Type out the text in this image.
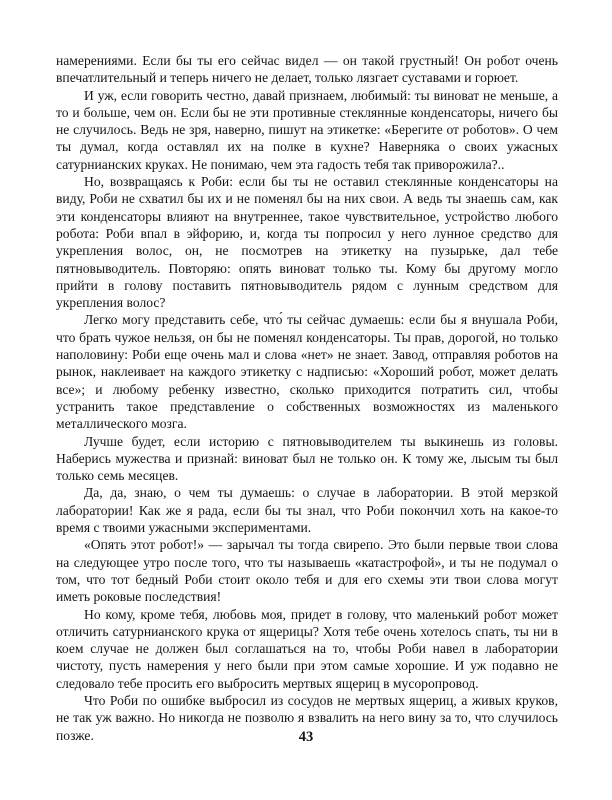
намерениями. Если бы ты его сейчас видел — он такой грустный! Он робот очень впечатлительный и теперь ничего не делает, только лязгает суставами и горюет.

И уж, если говорить честно, давай признаем, любимый: ты виноват не меньше, а то и больше, чем он. Если бы не эти противные стеклянные конденсаторы, ничего бы не случилось. Ведь не зря, наверно, пишут на этикетке: «Берегите от роботов». О чем ты думал, когда оставлял их на полке в кухне? Наверняка о своих ужасных сатурнианских круках. Не понимаю, чем эта гадость тебя так приворожила?..

Но, возвращаясь к Роби: если бы ты не оставил стеклянные конденсаторы на виду, Роби не схватил бы их и не поменял бы на них свои. А ведь ты знаешь сам, как эти конденсаторы влияют на внутреннее, такое чувствительное, устройство любого робота: Роби впал в эйфорию, и, когда ты попросил у него лунное средство для укрепления волос, он, не посмотрев на этикетку на пузырьке, дал тебе пятновыводитель. Повторяю: опять виноват только ты. Кому бы другому могло прийти в голову поставить пятновыводитель рядом с лунным средством для укрепления волос?

Легко могу представить себе, что́ ты сейчас думаешь: если бы я внушала Роби, что брать чужое нельзя, он бы не поменял конденсаторы. Ты прав, дорогой, но только наполовину: Роби еще очень мал и слова «нет» не знает. Завод, отправляя роботов на рынок, наклеивает на каждого этикетку с надписью: «Хороший робот, может делать все»; и любому ребенку известно, сколько приходится потратить сил, чтобы устранить такое представление о собственных возможностях из маленького металлического мозга.

Лучше будет, если историю с пятновыводителем ты выкинешь из головы. Наберись мужества и признай: виноват был не только он. К тому же, лысым ты был только семь месяцев.

Да, да, знаю, о чем ты думаешь: о случае в лаборатории. В этой мерзкой лаборатории! Как же я рада, если бы ты знал, что Роби покончил хоть на какое-то время с твоими ужасными экспериментами.

«Опять этот робот!» — зарычал ты тогда свирепо. Это были первые твои слова на следующее утро после того, что ты называешь «катастрофой», и ты не подумал о том, что тот бедный Роби стоит около тебя и для его схемы эти твои слова могут иметь роковые последствия!

Но кому, кроме тебя, любовь моя, придет в голову, что маленький робот может отличить сатурнианского крука от ящерицы? Хотя тебе очень хотелось спать, ты ни в коем случае не должен был соглашаться на то, чтобы Роби навел в лаборатории чистоту, пусть намерения у него были при этом самые хорошие. И уж подавно не следовало тебе просить его выбросить мертвых ящериц в мусоропровод.

Что Роби по ошибке выбросил из сосудов не мертвых ящериц, а живых круков, не так уж важно. Но никогда не позволю я взвалить на него вину за то, что случилось позже.	43
